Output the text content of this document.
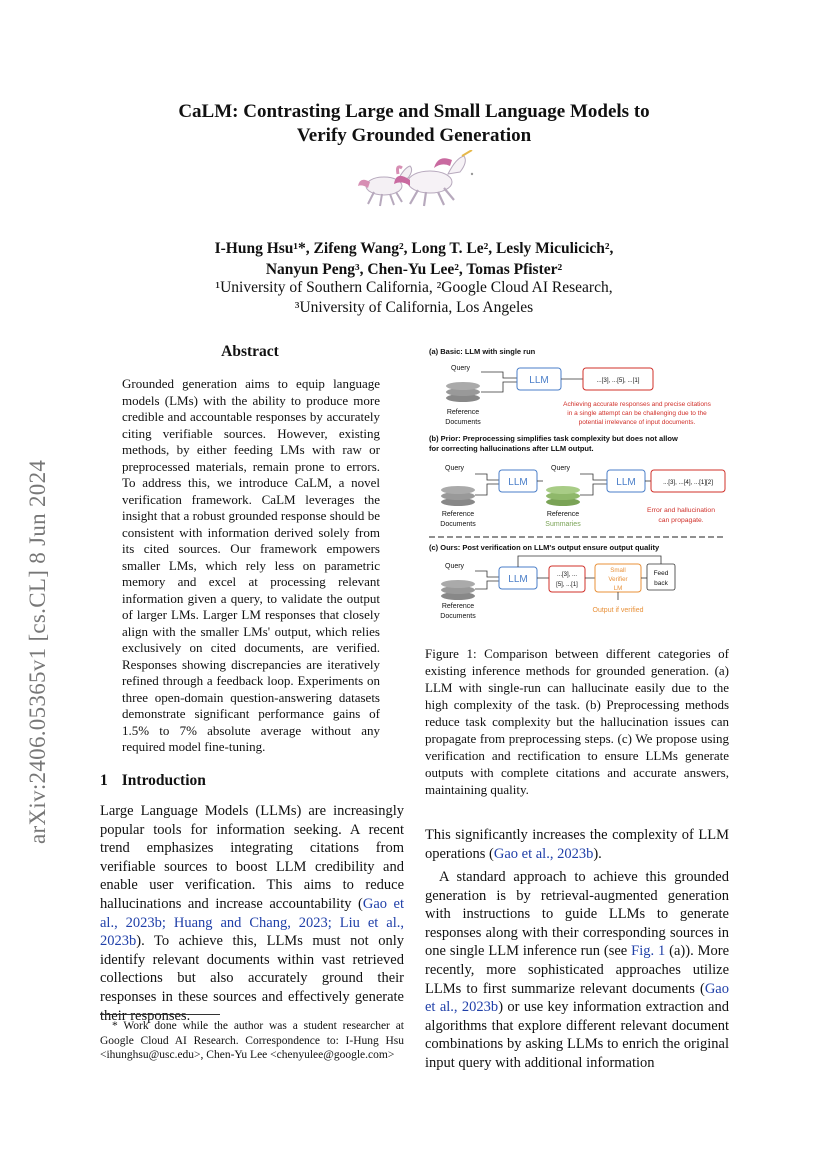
arXiv:2406.05365v1 [cs.CL] 8 Jun 2024
CaLM: Contrasting Large and Small Language Models to
Verify Grounded Generation
I-Hung Hsu¹*, Zifeng Wang², Long T. Le², Lesly Miculicich²,
Nanyun Peng³, Chen-Yu Lee², Tomas Pfister²
¹University of Southern California, ²Google Cloud AI Research,
³University of California, Los Angeles
Abstract
Grounded generation aims to equip language models (LMs) with the ability to produce more credible and accountable responses by accurately citing verifiable sources. However, existing methods, by either feeding LMs with raw or preprocessed materials, remain prone to errors. To address this, we introduce CaLM, a novel verification framework. CaLM leverages the insight that a robust grounded response should be consistent with information derived solely from its cited sources. Our framework empowers smaller LMs, which rely less on parametric memory and excel at processing relevant information given a query, to validate the output of larger LMs. Larger LM responses that closely align with the smaller LMs' output, which relies exclusively on cited documents, are verified. Responses showing discrepancies are iteratively refined through a feedback loop. Experiments on three open-domain question-answering datasets demonstrate significant performance gains of 1.5% to 7% absolute average without any required model fine-tuning.
1 Introduction
Large Language Models (LLMs) are increasingly popular tools for information seeking. A recent trend emphasizes integrating citations from verifiable sources to boost LLM credibility and enable user verification. This aims to reduce hallucinations and increase accountability (Gao et al., 2023b; Huang and Chang, 2023; Liu et al., 2023b). To achieve this, LLMs must not only identify relevant documents within vast retrieved collections but also accurately ground their responses in these sources and effectively generate their responses.
* Work done while the author was a student researcher at Google Cloud AI Research. Correspondence to: I-Hung Hsu <ihunghsu@usc.edu>, Chen-Yu Lee <chenyulee@google.com>
(a) Basic: LLM with single run
Query
Reference
Documents
LLM	...[3], ...[5], ...[1]
Achieving accurate responses and precise citations
in a single attempt can be challenging due to the
potential irrelevance of input documents.
(b) Prior: Preprocessing simplifies task complexity but does not allow
for correcting hallucinations after LLM output.
Query
Reference
Documents
LLM
Query
Reference
Summaries
LLM	...[3], ...[4], ...[1][2]
Error and hallucination
can propagate.
(c) Ours: Post verification on LLM's output ensure output quality
Query
Reference
Documents
LLM	...[3], ...
[5], ...[1]
Small
Verifier
LM
Feed
back
Output if verified
Figure 1: Comparison between different categories of existing inference methods for grounded generation. (a) LLM with single-run can hallucinate easily due to the high complexity of the task. (b) Preprocessing methods reduce task complexity but the hallucination issues can propagate from preprocessing steps. (c) We propose using verification and rectification to ensure LLMs generate outputs with complete citations and accurate answers, maintaining quality.
This significantly increases the complexity of LLM operations (Gao et al., 2023b).
A standard approach to achieve this grounded generation is by retrieval-augmented generation with instructions to guide LLMs to generate responses along with their corresponding sources in one single LLM inference run (see Fig. 1 (a)). More recently, more sophisticated approaches utilize LLMs to first summarize relevant documents (Gao et al., 2023b) or use key information extraction and algorithms that explore different relevant document combinations by asking LLMs to enrich the original input query with additional information
